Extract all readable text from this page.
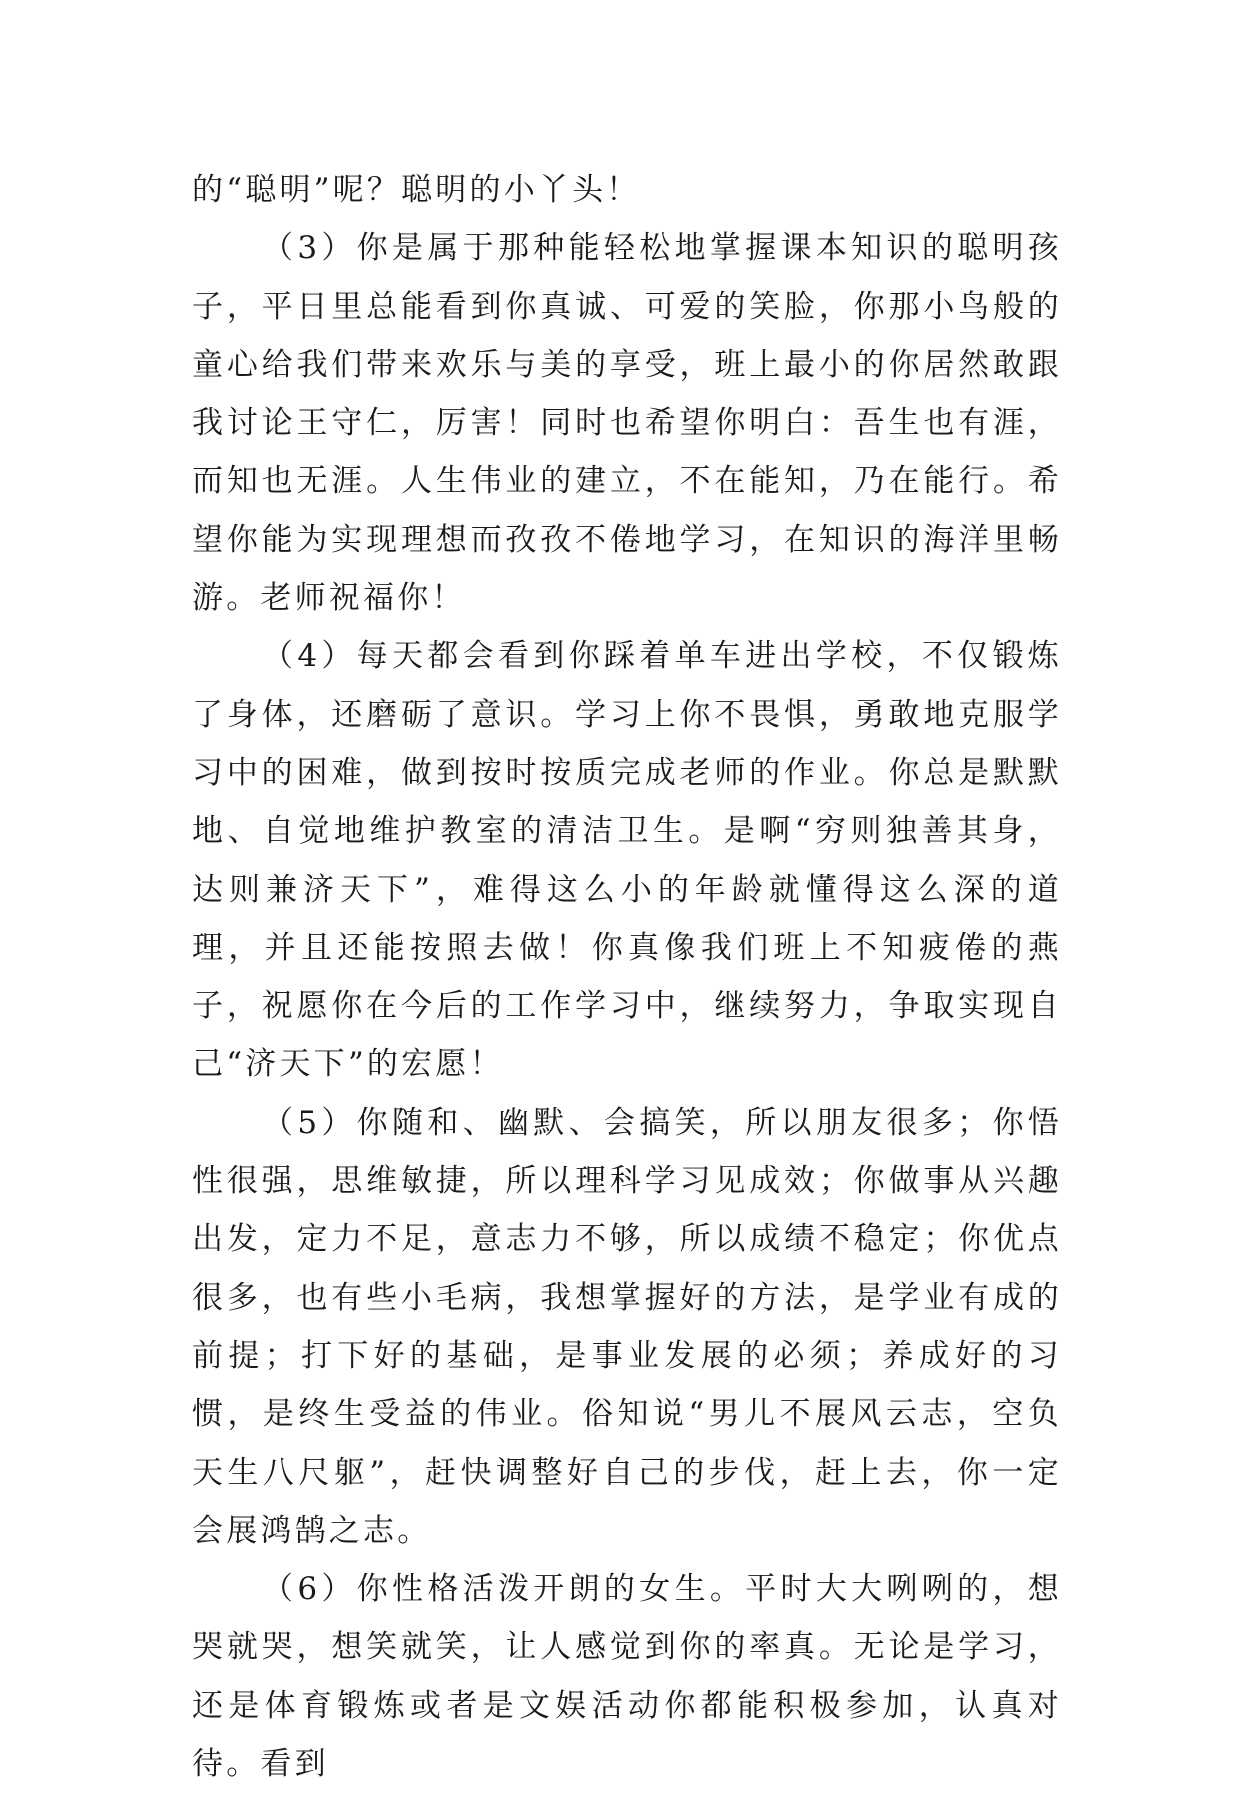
的“聪明”呢？聪明的小丫头！

（3）你是属于那种能轻松地掌握课本知识的聪明孩子，平日里总能看到你真诚、可爱的笑脸，你那小鸟般的童心给我们带来欢乐与美的享受，班上最小的你居然敢跟我讨论王守仁，厉害！同时也希望你明白：吾生也有涯，而知也无涯。人生伟业的建立，不在能知，乃在能行。希望你能为实现理想而孜孜不倦地学习，在知识的海洋里畅游。老师祝福你！

（4）每天都会看到你踩着单车进出学校，不仅锻炼了身体，还磨砺了意识。学习上你不畏惧，勇敢地克服学习中的困难，做到按时按质完成老师的作业。你总是默默地、自觉地维护教室的清洁卫生。是啊“穷则独善其身，达则兼济天下”，难得这么小的年龄就懂得这么深的道理，并且还能按照去做！你真像我们班上不知疲倦的燕子，祝愿你在今后的工作学习中，继续努力，争取实现自己“济天下”的宏愿！

（5）你随和、幽默、会搞笑，所以朋友很多；你悟性很强，思维敏捷，所以理科学习见成效；你做事从兴趣出发，定力不足，意志力不够，所以成绩不稳定；你优点很多，也有些小毛病，我想掌握好的方法，是学业有成的前提；打下好的基础，是事业发展的必须；养成好的习惯，是终生受益的伟业。俗知说“男儿不展风云志，空负天生八尺躯”，赶快调整好自己的步伐，赶上去，你一定会展鸿鹄之志。

（6）你性格活泼开朗的女生。平时大大咧咧的，想哭就哭，想笑就笑，让人感觉到你的率真。无论是学习，还是体育锻炼或者是文娱活动你都能积极参加，认真对待。看到
